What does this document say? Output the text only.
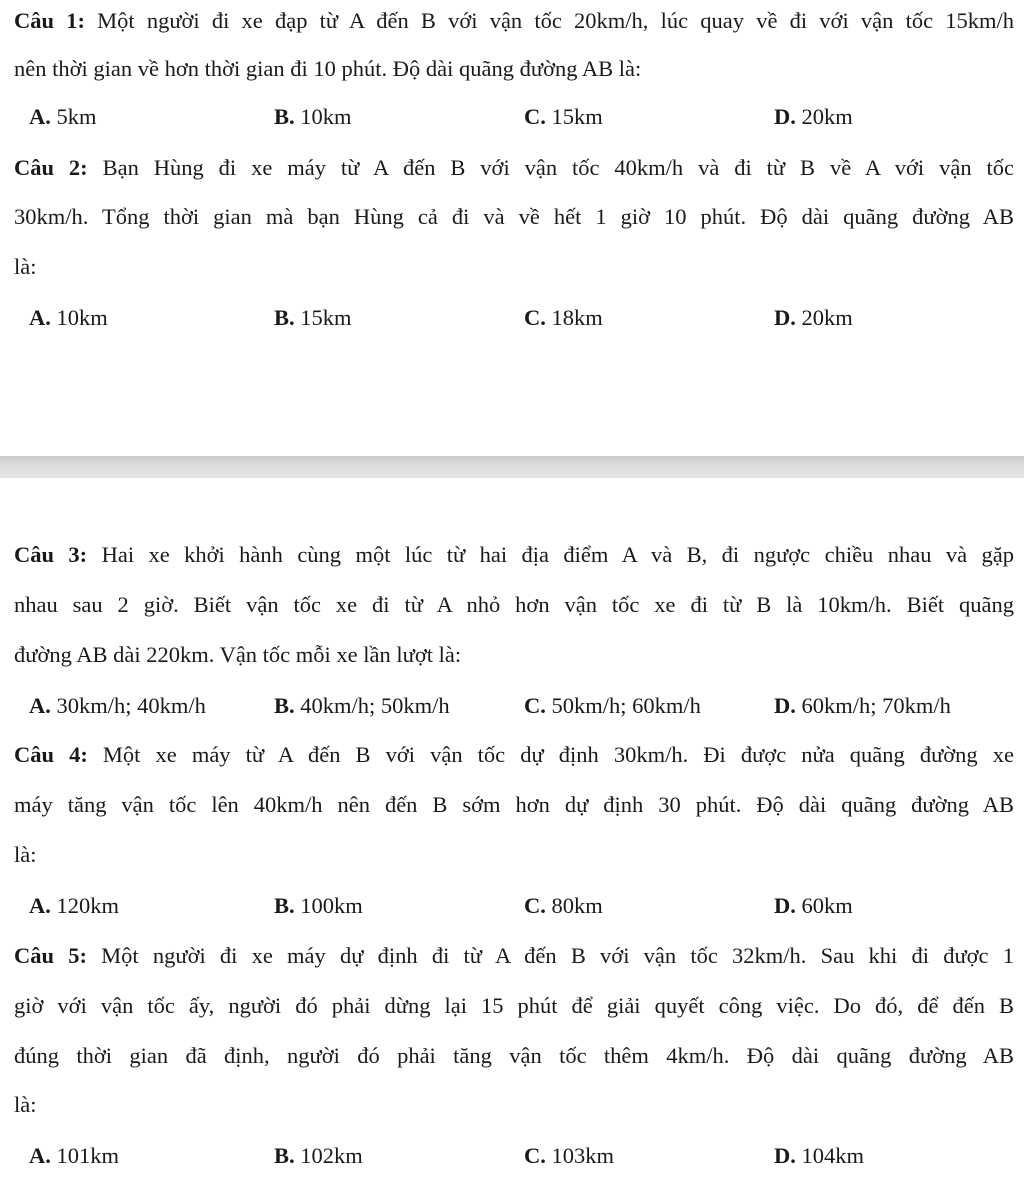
Câu 1: Một người đi xe đạp từ A đến B với vận tốc 20km/h, lúc quay về đi với vận tốc 15km/h
nên thời gian về hơn thời gian đi 10 phút. Độ dài quãng đường AB là:
A. 5km	B. 10km	C. 15km	D. 20km
Câu 2: Bạn Hùng đi xe máy từ A đến B với vận tốc 40km/h và đi từ B về A với vận tốc
30km/h. Tổng thời gian mà bạn Hùng cả đi và về hết 1 giờ 10 phút. Độ dài quãng đường AB
là:
A. 10km	B. 15km	C. 18km	D. 20km
Câu 3: Hai xe khởi hành cùng một lúc từ hai địa điểm A và B, đi ngược chiều nhau và gặp
nhau sau 2 giờ. Biết vận tốc xe đi từ A nhỏ hơn vận tốc xe đi từ B là 10km/h. Biết quãng
đường AB dài 220km. Vận tốc mỗi xe lần lượt là:
A. 30km/h; 40km/h	B. 40km/h; 50km/h	C. 50km/h; 60km/h	D. 60km/h; 70km/h
Câu 4: Một xe máy từ A đến B với vận tốc dự định 30km/h. Đi được nửa quãng đường xe
máy tăng vận tốc lên 40km/h nên đến B sớm hơn dự định 30 phút. Độ dài quãng đường AB
là:
A. 120km	B. 100km	C. 80km	D. 60km
Câu 5: Một người đi xe máy dự định đi từ A đến B với vận tốc 32km/h. Sau khi đi được 1
giờ với vận tốc ấy, người đó phải dừng lại 15 phút để giải quyết công việc. Do đó, để đến B
đúng thời gian đã định, người đó phải tăng vận tốc thêm 4km/h. Độ dài quãng đường AB
là:
A. 101km	B. 102km	C. 103km	D. 104km
